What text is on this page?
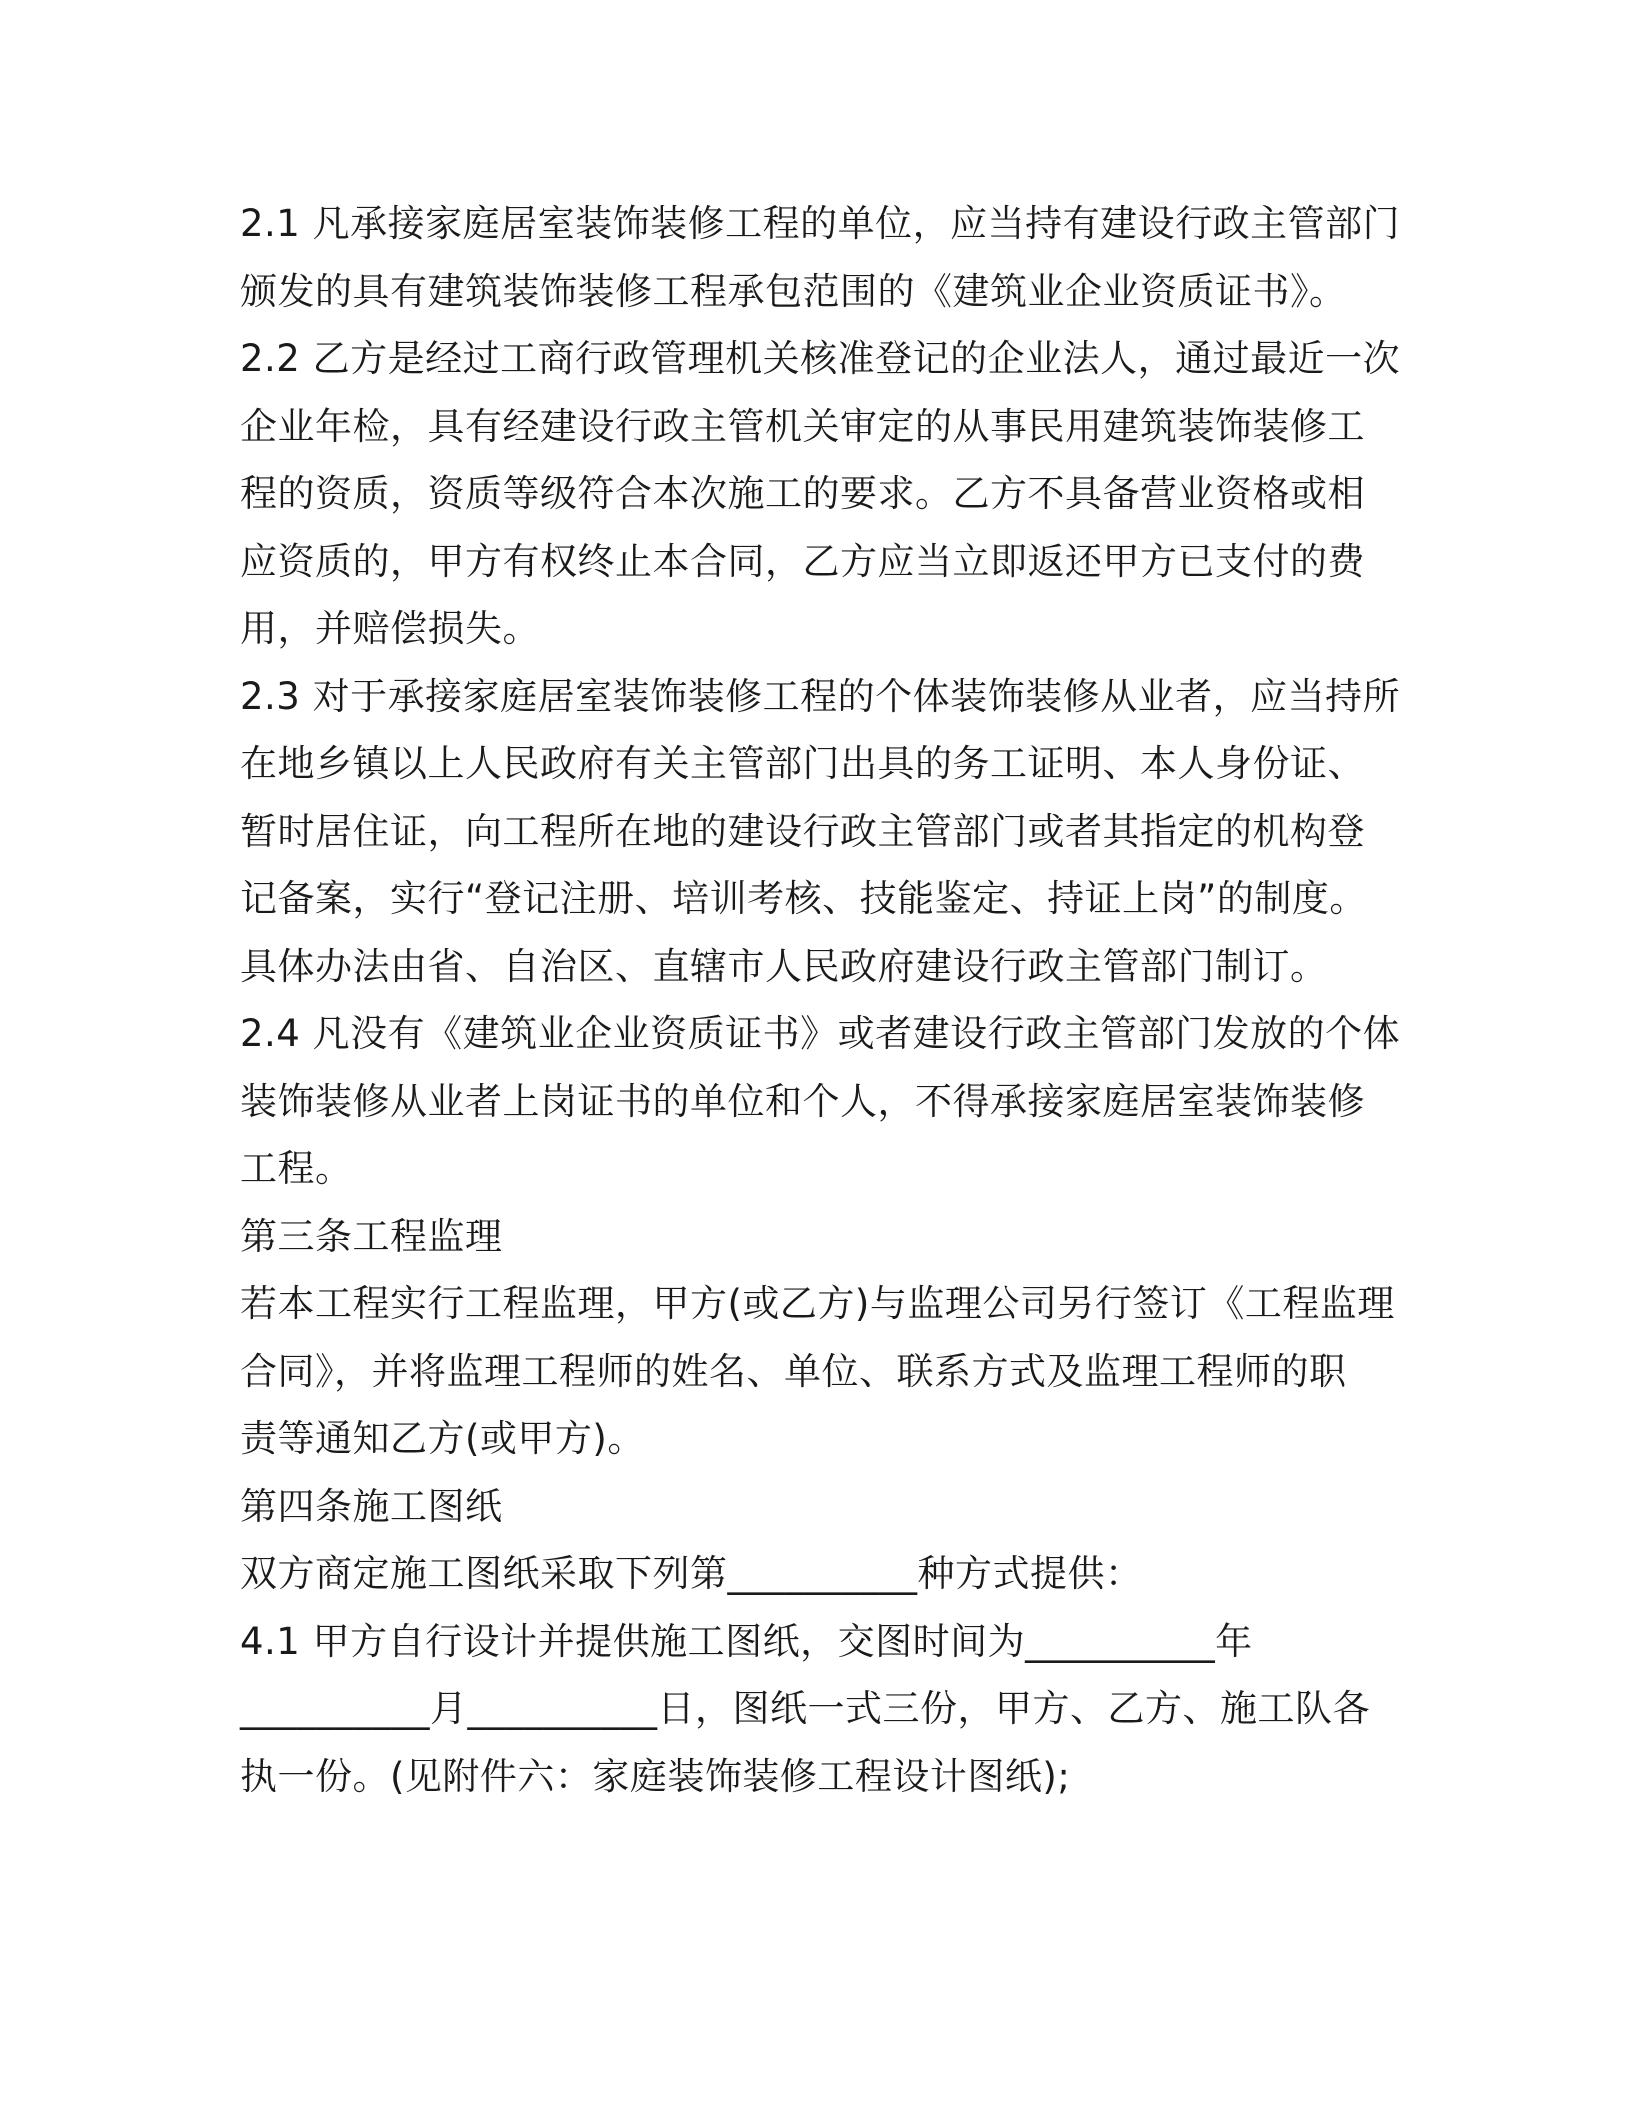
2.1 凡承接家庭居室装饰装修工程的单位，应当持有建设行政主管部门
颁发的具有建筑装饰装修工程承包范围的《建筑业企业资质证书》。
2.2 乙方是经过工商行政管理机关核准登记的企业法人，通过最近一次
企业年检，具有经建设行政主管机关审定的从事民用建筑装饰装修工
程的资质，资质等级符合本次施工的要求。乙方不具备营业资格或相
应资质的，甲方有权终止本合同，乙方应当立即返还甲方已支付的费
用，并赔偿损失。
2.3 对于承接家庭居室装饰装修工程的个体装饰装修从业者，应当持所
在地乡镇以上人民政府有关主管部门出具的务工证明、本人身份证、
暂时居住证，向工程所在地的建设行政主管部门或者其指定的机构登
记备案，实行“登记注册、培训考核、技能鉴定、持证上岗”的制度。
具体办法由省、自治区、直辖市人民政府建设行政主管部门制订。
2.4 凡没有《建筑业企业资质证书》或者建设行政主管部门发放的个体
装饰装修从业者上岗证书的单位和个人，不得承接家庭居室装饰装修
工程。
第三条工程监理
若本工程实行工程监理，甲方(或乙方)与监理公司另行签订《工程监理
合同》，并将监理工程师的姓名、单位、联系方式及监理工程师的职
责等通知乙方(或甲方)。
第四条施工图纸
双方商定施工图纸采取下列第__________种方式提供：
4.1 甲方自行设计并提供施工图纸，交图时间为__________年
__________月__________日，图纸一式三份，甲方、乙方、施工队各
执一份。(见附件六：家庭装饰装修工程设计图纸);
